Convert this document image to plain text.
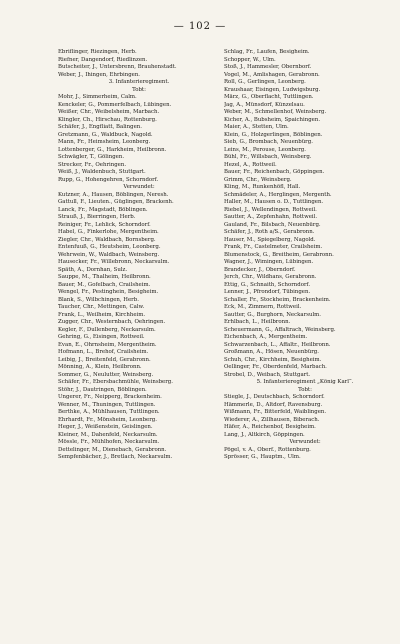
— 102 —
Ebriflinger, Riezingen, Herb.
Riefner, Dangendorf, Riedlinzen.
Butscheiter, J., Untersbrenn, Brauhenstadt.
Weber, J., Ihingen, Ehrbingen.
3. Infanterieregiment.
Tobt:
Mohr, J., Simmerheim, Calm.
Kenckeler, G., Pommerfelbach, Lübingen.
Weißer, Chr., Weibelsheim, Marbach.
Klingler, Ch., Hirschau, Rottenburg.
Schäfer, J., Engfliatt, Balingen.
Gretzmann, G., Waldbuck, Nagold.
Mann, Fr., Heimsheim, Leonberg.
Lottenberger, G., Harkheim, Heilbronn.
Schwägler, T., Gölingen.
Strecker, Fr., Oehringen.
Weiß, J., Waldenbuch, Stuttgart.
Rupp, G., Hohengehren, Schorndorf.
Verwundet:
Kutzner, A., Hausen, Böblingen, Neresh.
Gattull, F., Lieuten., Güglingen, Brackenh.
Lanck, Fr., Magstadt, Böblingen.
Strauß, J., Bierringen, Herb.
Reiniger, Fr., Lehlick, Schorndorf.
Habel, G., Finkerlohe, Mergentheim.
Ziegler, Chr., Waldbach, Bornsberg.
Entenfuuß, G., Heutsheim, Leonberg.
Wehrwein, W., Waldbach, Weinsberg.
Hausecker, Fr., Willebronn, Neckarsulm.
Späth, A., Dornhan, Sulz.
Sauppe, M., Thalheim, Heilbronn.
Bauer, M., Gofelbach, Crailsheim.
Wengel, Fr., Pestinghein, Besigheim.
Blank, S., Wilbchingen, Herb.
Taucher, Chr., Mettingen, Calw.
Frank, L., Weilheim, Kirchheim.
Zugger, Chr., Westernbach, Oehringen.
Kegler, F., Dullenberg, Neckarsulm.
Gehring, G., Eisingen, Rottweil.
Evan, E., Ohrnsheim, Mergentheim.
Hofmann, L., Brehof, Crailsheim.
Leibig, J., Breitenfeld, Gerabronn.
Mönning, A., Klein, Heilbronn.
Sommer, G., Neulutter, Weinsberg.
Schäfer, Fr., Ebersbachmühle, Weinsberg.
Stöhr, J., Dautringen, Böblingen.
Ungerer, Fr., Neipperg, Brackenheim.
Wenner, M., Thuningen, Tuttlingen.
Berthke, A., Mühlhausen, Tuttlingen.
Ehrhardt, Fr., Mönsheim, Leonberg.
Heger, J., Weißenstein, Geislingen.
Kleiner, M., Dahenfeld, Neckarsulm.
Mössle, Fr., Mühlhofen, Neckarsulm.
Dettelinger, M., Dienebach, Gerabronn.
Sempfenbächer, J., Bretlach, Neckarsulm.
Schlag, Fr., Laufen, Besigheim.
Schopper, W., Ulm.
Stoß, J., Hammesler, Obernborf.
Vogel, M., Amlishagen, Gerabronn.
Roll, G., Gerlingen, Leonberg.
Kraushaar, Eisingen, Ludwigsburg.
März, G., Oberflacht, Tuttlingen.
Jag, A., Münsdorf, Künzelsau.
Weber, M., Schmellenhof, Weinsberg.
Kicher, A., Bubsheim, Spaichingen.
Maier, A., Stetten, Ulm.
Klein, G., Holzgerlingen, Böblingen.
Sieb, G., Brombach, Neuenbürg.
Leins, M., Perouse, Leonberg.
Bühl, Fr., Willsbach, Weinsberg.
Hezel, A., Rottweil.
Bauer, Fr., Reichenbach, Göppingen.
Grimm, Chr., Weinsberg.
Kling, M., Runkenhöfl, Hall.
Schmädeler, A., Herglingen, Mergenth.
Haller, M., Hausen o. D., Tuttlingen.
Riebel, J., Wellendingen, Rottweil.
Sautter, A., Zepfenhahn, Rottweil.
Gauland, Fr., Bilsbach, Neuenbürg.
Schäfer, J., Roth a/S., Gerabronn.
Hauser, M., Spiegelberg, Nagold.
Frank, Fr., Castelmeter, Crailsheim.
Blumenstock, G., Breitheim, Gerabronn.
Wagner, J., Wimingen, Lübingen.
Brandecker, J., Oberndorf.
Jerch, Chr., Wildhans, Gerabronn.
Ettig, G., Schnaith, Schorndorf.
Lenner, J., Pfrondorf, Tübingen.
Schaller, Fr., Stockheim, Brackenheim.
Eck, M., Zimmern, Rottweil.
Sautter, G., Burghorn, Neckarsulm.
Erhlbach, L., Heilbronn.
Scheuermann, G., Affaltrach, Weinsberg.
Eichenbach, A., Mergentheim.
Schwarzenbach, L., Affaltr., Heilbronn.
Großmann, A., Hösen, Neuenbürg.
Schuh, Chr., Kirchheim, Besigheim.
Oellinger, Fr., Oberdenfeld, Marbach.
Strobel, D., Weibach, Stuttgart.
5. Infanterieregiment „König Karl“.
Tobt:
Stiegle, J., Deutschbach, Schorndorf.
Hämmerle, D., Altdorf, Ravensburg.
Wißmann, Fr., Bitterfeld, Waiblingen.
Wiederer, A., Zillhausen, Biberach.
Häfer, A., Reichenbof, Besigheim.
Lang, J., Altkirch, Göppingen.
Verwundet:
Pögel, v. A., Oberf., Rottenburg.
Sprösser, G., Hauptm., Ulm.
